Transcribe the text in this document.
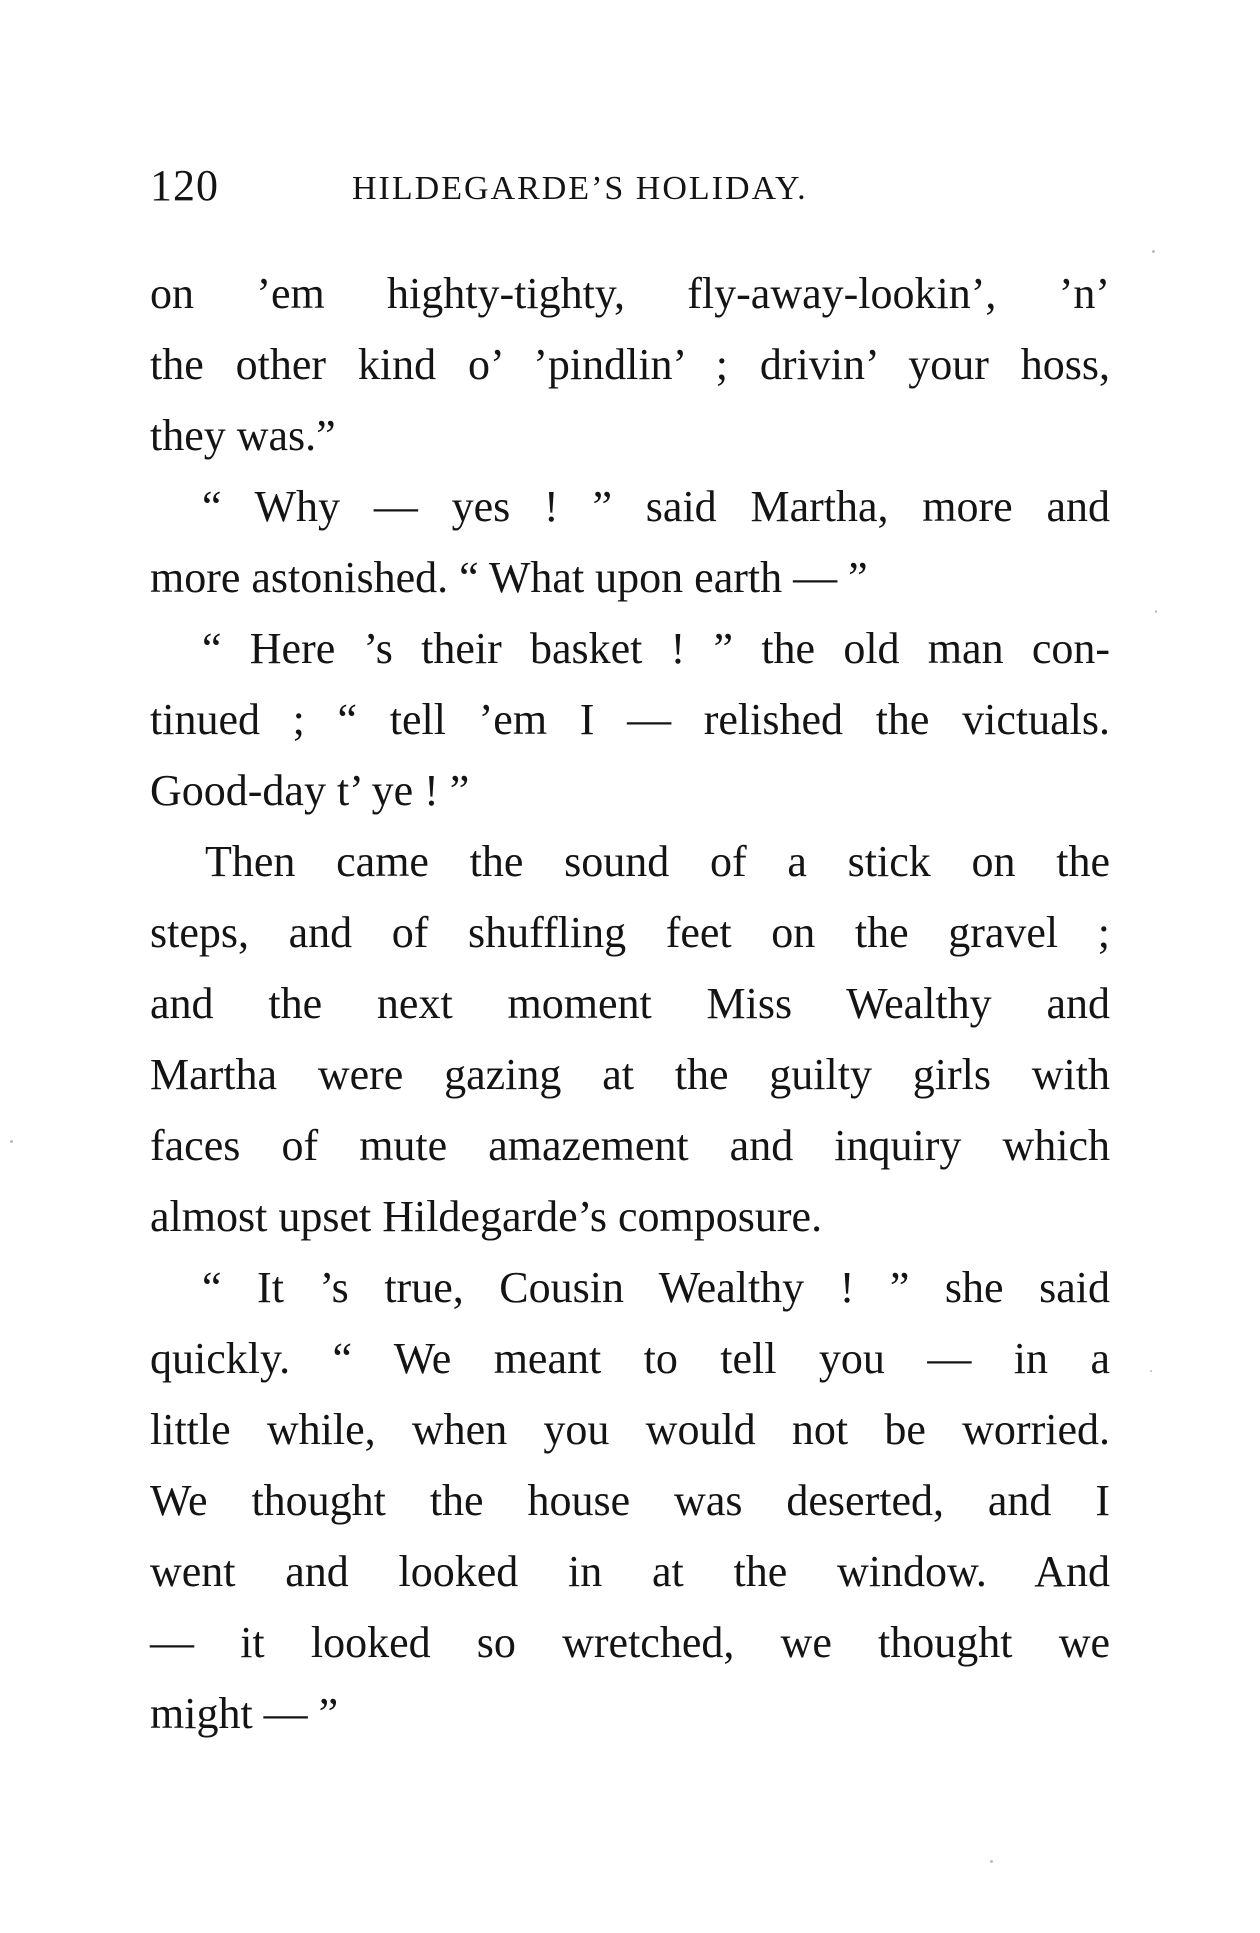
120	HILDEGARDE’S HOLIDAY.
on ’em highty-tighty, fly-away-lookin’, ’n’
the other kind o’ ’pindlin’ ; drivin’ your hoss,
they was.”
“ Why — yes ! ” said Martha, more and
more astonished. “ What upon earth — ”
“ Here ’s their basket ! ” the old man con-
tinued ; “ tell ’em I — relished the victuals.
Good-day t’ ye ! ”
Then came the sound of a stick on the
steps, and of shuffling feet on the gravel ;
and the next moment Miss Wealthy and
Martha were gazing at the guilty girls with
faces of mute amazement and inquiry which
almost upset Hildegarde’s composure.
“ It ’s true, Cousin Wealthy ! ” she said
quickly. “ We meant to tell you — in a
little while, when you would not be worried.
We thought the house was deserted, and I
went and looked in at the window. And
— it looked so wretched, we thought we
might — ”
